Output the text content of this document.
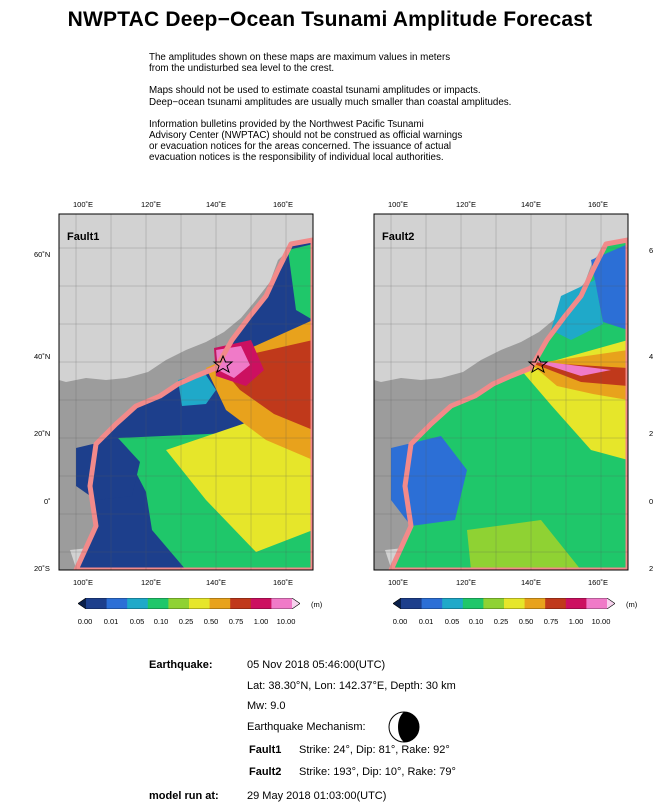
NWPTAC Deep−Ocean Tsunami Amplitude Forecast

The amplitudes shown on these maps are maximum values in meters
from the undisturbed sea level to the crest.

Maps should not be used to estimate coastal tsunami amplitudes or impacts.
Deep−ocean tsunami amplitudes are usually much smaller than coastal amplitudes.

Information bulletins provided by the Northwest Pacific Tsunami
Advisory Center (NWPTAC) should not be construed as official warnings
or evacuation notices for the areas concerned. The issuance of actual
evacuation notices is the responsibility of individual local authorities.

Fault1
100˚E	120˚E	140˚E	160˚E
100˚E	120˚E	140˚E	160˚E
60˚N
40˚N
20˚N
0˚
20˚S
Fault2
100˚E	120˚E	140˚E	160˚E
100˚E	120˚E	140˚E	160˚E
6
4
2
0
2
(m)
0.00 0.01 0.05 0.10 0.25 0.50 0.75 1.00 10.00
(m)
0.00 0.01 0.05 0.10 0.25 0.50 0.75 1.00 10.00
Earthquake:	05 Nov 2018 05:46:00(UTC)
Lat: 38.30°N, Lon: 142.37°E, Depth: 30 km
Mw: 9.0
Earthquake Mechanism:
Fault1 Strike: 24°, Dip: 81°, Rake: 92°
Fault2 Strike: 193°, Dip: 10°, Rake: 79°
model run at:	29 May 2018 01:03:00(UTC)
